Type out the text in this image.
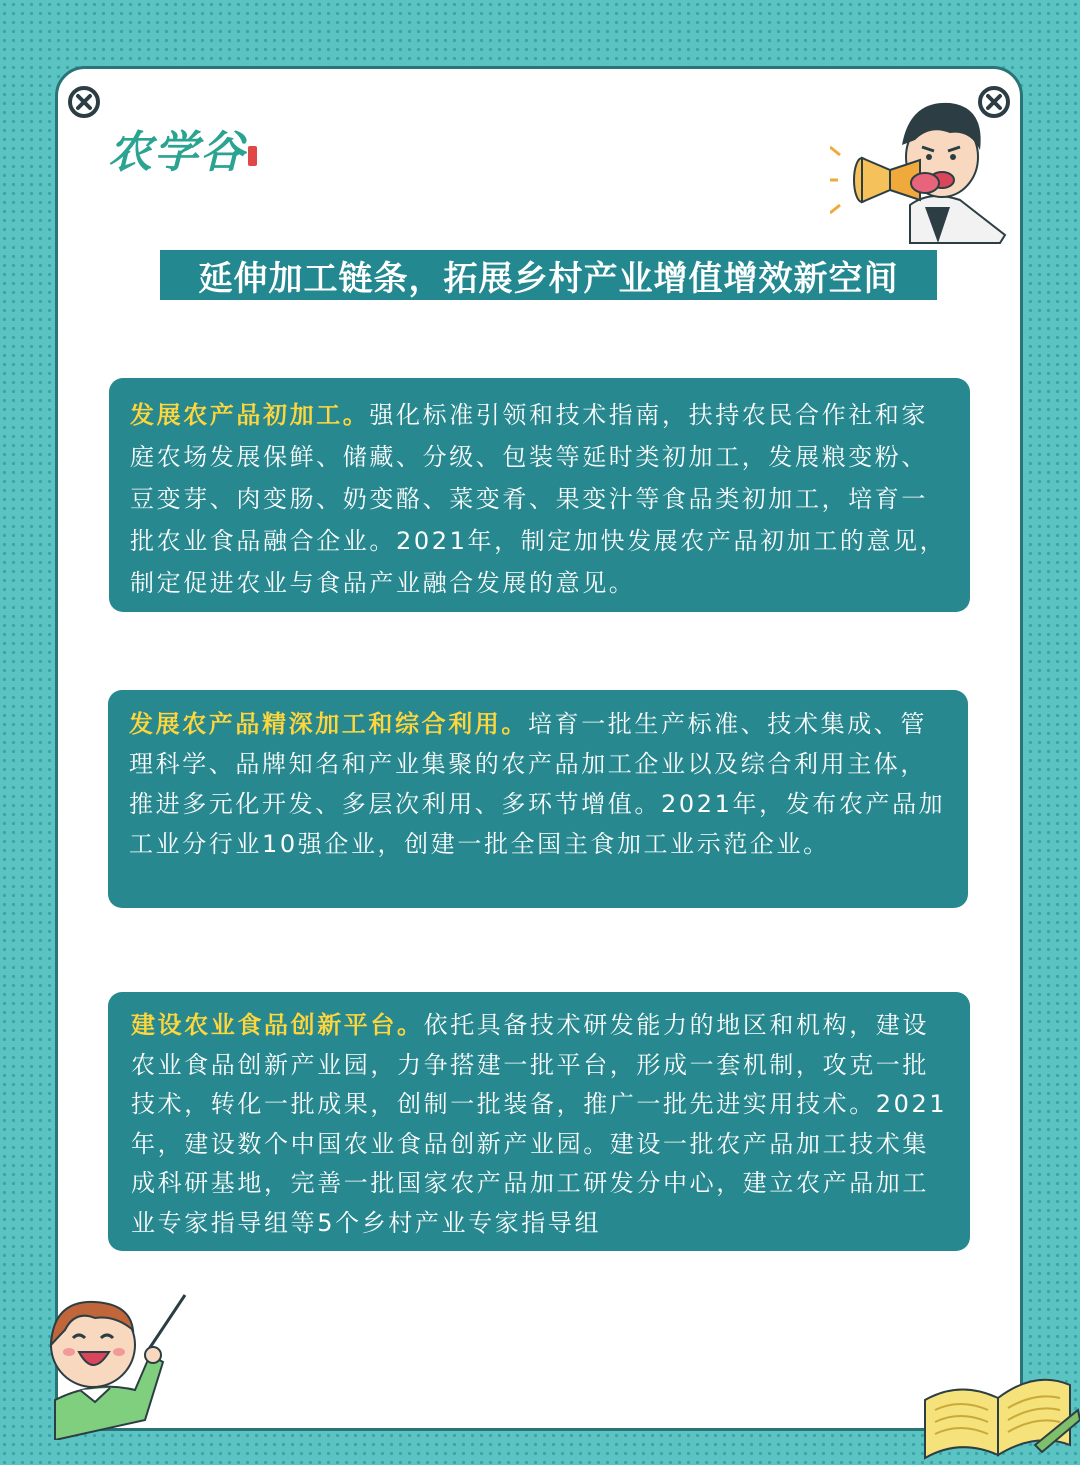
农学谷
延伸加工链条，拓展乡村产业增值增效新空间
发展农产品初加工。强化标准引领和技术指南，扶持农民合作社和家庭农场发展保鲜、储藏、分级、包装等延时类初加工，发展粮变粉、豆变芽、肉变肠、奶变酪、菜变肴、果变汁等食品类初加工，培育一批农业食品融合企业。2021年，制定加快发展农产品初加工的意见，制定促进农业与食品产业融合发展的意见。
发展农产品精深加工和综合利用。培育一批生产标准、技术集成、管理科学、品牌知名和产业集聚的农产品加工企业以及综合利用主体，推进多元化开发、多层次利用、多环节增值。2021年，发布农产品加工业分行业10强企业，创建一批全国主食加工业示范企业。
建设农业食品创新平台。依托具备技术研发能力的地区和机构，建设农业食品创新产业园，力争搭建一批平台，形成一套机制，攻克一批技术，转化一批成果，创制一批装备，推广一批先进实用技术。2021年，建设数个中国农业食品创新产业园。建设一批农产品加工技术集成科研基地，完善一批国家农产品加工研发分中心，建立农产品加工业专家指导组等5个乡村产业专家指导组
